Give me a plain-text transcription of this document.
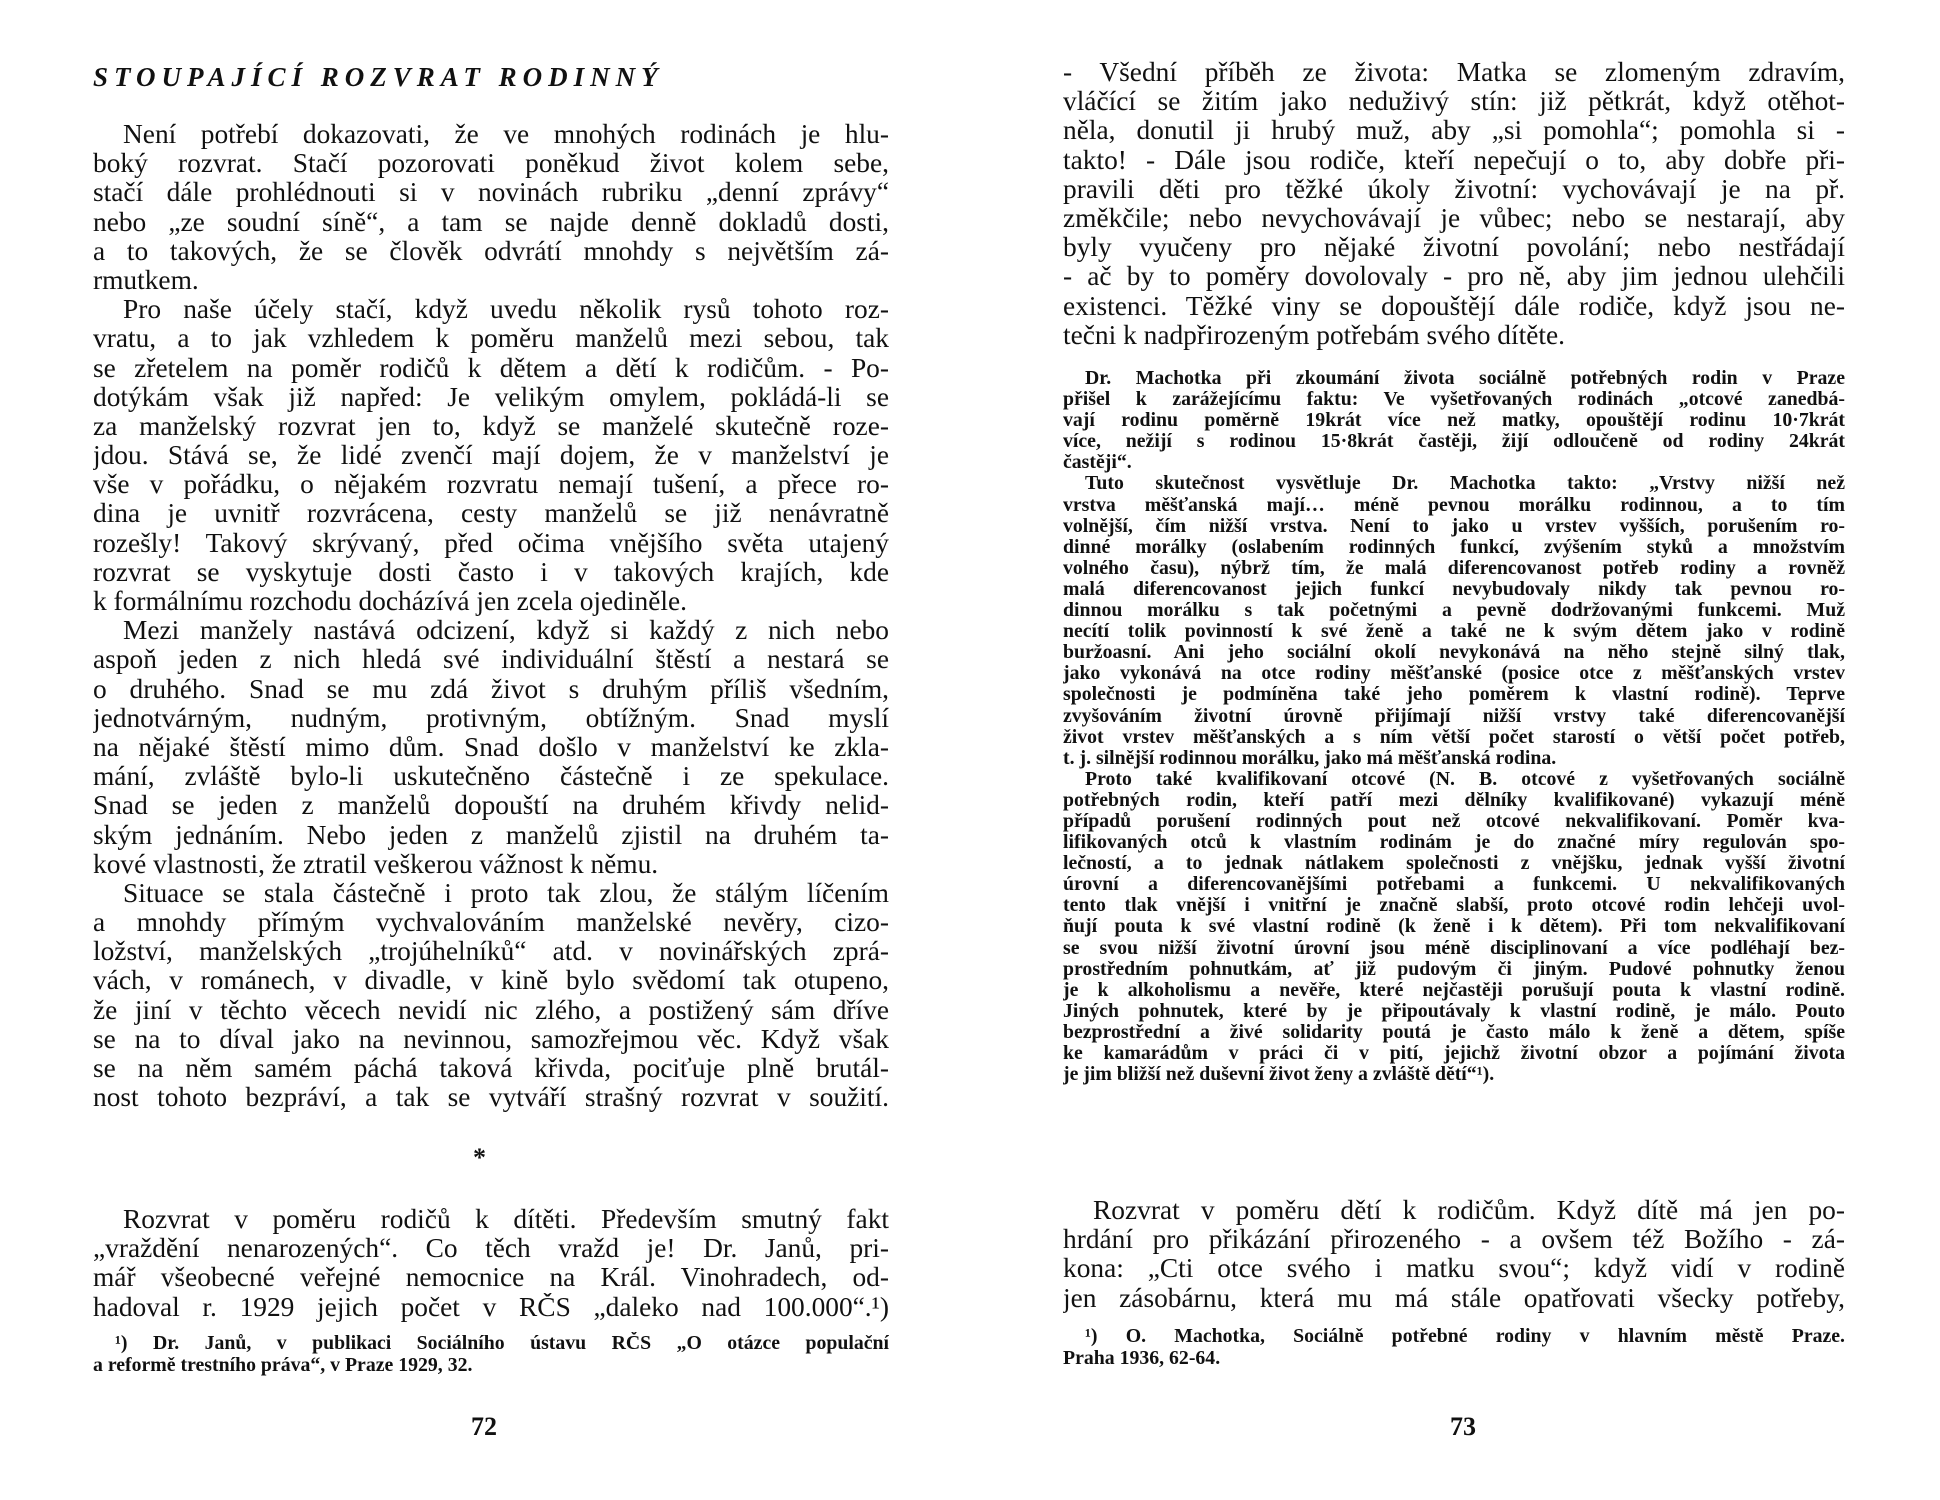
STOUPAJÍCÍ ROZVRAT RODINNÝ
Není potřebí dokazovati, že ve mnohých rodinách je hlu-
boký rozvrat. Stačí pozorovati poněkud život kolem sebe,
stačí dále prohlédnouti si v novinách rubriku „denní zprávy“
nebo „ze soudní síně“, a tam se najde denně dokladů dosti,
a to takových, že se člověk odvrátí mnohdy s největším zá-
rmutkem.
Pro naše účely stačí, když uvedu několik rysů tohoto roz-
vratu, a to jak vzhledem k poměru manželů mezi sebou, tak
se zřetelem na poměr rodičů k dětem a dětí k rodičům. - Po-
dotýkám však již napřed: Je velikým omylem, pokládá-li se
za manželský rozvrat jen to, když se manželé skutečně roze-
jdou. Stává se, že lidé zvenčí mají dojem, že v manželství je
vše v pořádku, o nějakém rozvratu nemají tušení, a přece ro-
dina je uvnitř rozvrácena, cesty manželů se již nenávratně
rozešly! Takový skrývaný, před očima vnějšího světa utajený
rozvrat se vyskytuje dosti často i v takových krajích, kde
k formálnímu rozchodu docházívá jen zcela ojediněle.
Mezi manžely nastává odcizení, když si každý z nich nebo
aspoň jeden z nich hledá své individuální štěstí a nestará se
o druhého. Snad se mu zdá život s druhým příliš všedním,
jednotvárným, nudným, protivným, obtížným. Snad myslí
na nějaké štěstí mimo dům. Snad došlo v manželství ke zkla-
mání, zvláště bylo-li uskutečněno částečně i ze spekulace.
Snad se jeden z manželů dopouští na druhém křivdy nelid-
ským jednáním. Nebo jeden z manželů zjistil na druhém ta-
kové vlastnosti, že ztratil veškerou vážnost k němu.
Situace se stala částečně i proto tak zlou, že stálým líčením
a mnohdy přímým vychvalováním manželské nevěry, cizo-
ložství, manželských „trojúhelníků“ atd. v novinářských zprá-
vách, v románech, v divadle, v kině bylo svědomí tak otupeno,
že jiní v těchto věcech nevidí nic zlého, a postižený sám dříve
se na to díval jako na nevinnou, samozřejmou věc. Když však
se na něm samém páchá taková křivda, pociťuje plně brutál-
nost tohoto bezpráví, a tak se vytváří strašný rozvrat v soužití.
*
Rozvrat v poměru rodičů k dítěti. Především smutný fakt
„vraždění nenarozených“. Co těch vražd je! Dr. Janů, pri-
mář všeobecné veřejné nemocnice na Král. Vinohradech, od-
hadoval r. 1929 jejich počet v RČS „daleko nad 100.000“.¹)
¹) Dr. Janů, v publikaci Sociálního ústavu RČS „O otázce populační
a reformě trestního práva“, v Praze 1929, 32.
72
- Všední příběh ze života: Matka se zlomeným zdravím,
vláčící se žitím jako neduživý stín: již pětkrát, když otěhot-
něla, donutil ji hrubý muž, aby „si pomohla“; pomohla si -
takto! - Dále jsou rodiče, kteří nepečují o to, aby dobře při-
pravili děti pro těžké úkoly životní: vychovávají je na př.
změkčile; nebo nevychovávají je vůbec; nebo se nestarají, aby
byly vyučeny pro nějaké životní povolání; nebo nestřádají
- ač by to poměry dovolovaly - pro ně, aby jim jednou ulehčili
existenci. Těžké viny se dopouštějí dále rodiče, když jsou ne-
tečni k nadpřirozeným potřebám svého dítěte.
Dr. Machotka při zkoumání života sociálně potřebných rodin v Praze
přišel k zarážejícímu faktu: Ve vyšetřovaných rodinách „otcové zanedbá-
vají rodinu poměrně 19krát více než matky, opouštějí rodinu 10·7krát
více, nežijí s rodinou 15·8krát častěji, žijí odloučeně od rodiny 24krát
častěji“.
Tuto skutečnost vysvětluje Dr. Machotka takto: „Vrstvy nižší než
vrstva měšťanská mají… méně pevnou morálku rodinnou, a to tím
volnější, čím nižší vrstva. Není to jako u vrstev vyšších, porušením ro-
dinné morálky (oslabením rodinných funkcí, zvýšením styků a množstvím
volného času), nýbrž tím, že malá diferencovanost potřeb rodiny a rovněž
malá diferencovanost jejich funkcí nevybudovaly nikdy tak pevnou ro-
dinnou morálku s tak početnými a pevně dodržovanými funkcemi. Muž
necítí tolik povinností k své ženě a také ne k svým dětem jako v rodině
buržoasní. Ani jeho sociální okolí nevykonává na něho stejně silný tlak,
jako vykonává na otce rodiny měšťanské (posice otce z měšťanských vrstev
společnosti je podmíněna také jeho poměrem k vlastní rodině). Teprve
zvyšováním životní úrovně přijímají nižší vrstvy také diferencovanější
život vrstev měšťanských a s ním větší počet starostí o větší počet potřeb,
t. j. silnější rodinnou morálku, jako má měšťanská rodina.
Proto také kvalifikovaní otcové (N. B. otcové z vyšetřovaných sociálně
potřebných rodin, kteří patří mezi dělníky kvalifikované) vykazují méně
případů porušení rodinných pout než otcové nekvalifikovaní. Poměr kva-
lifikovaných otců k vlastním rodinám je do značné míry regulován spo-
lečností, a to jednak nátlakem společnosti z vnějšku, jednak vyšší životní
úrovní a diferencovanějšími potřebami a funkcemi. U nekvalifikovaných
tento tlak vnější i vnitřní je značně slabší, proto otcové rodin lehčeji uvol-
ňují pouta k své vlastní rodině (k ženě i k dětem). Při tom nekvalifikovaní
se svou nižší životní úrovní jsou méně disciplinovaní a více podléhají bez-
prostředním pohnutkám, ať již pudovým či jiným. Pudové pohnutky ženou
je k alkoholismu a nevěře, které nejčastěji porušují pouta k vlastní rodině.
Jiných pohnutek, které by je připoutávaly k vlastní rodině, je málo. Pouto
bezprostřední a živé solidarity poutá je často málo k ženě a dětem, spíše
ke kamarádům v práci či v pití, jejichž životní obzor a pojímání života
je jim bližší než duševní život ženy a zvláště dětí“¹).
Rozvrat v poměru dětí k rodičům. Když dítě má jen po-
hrdání pro přikázání přirozeného - a ovšem též Božího - zá-
kona: „Cti otce svého i matku svou“; když vidí v rodině
jen zásobárnu, která mu má stále opatřovati všecky potřeby,
¹) O. Machotka, Sociálně potřebné rodiny v hlavním městě Praze.
Praha 1936, 62-64.
73
